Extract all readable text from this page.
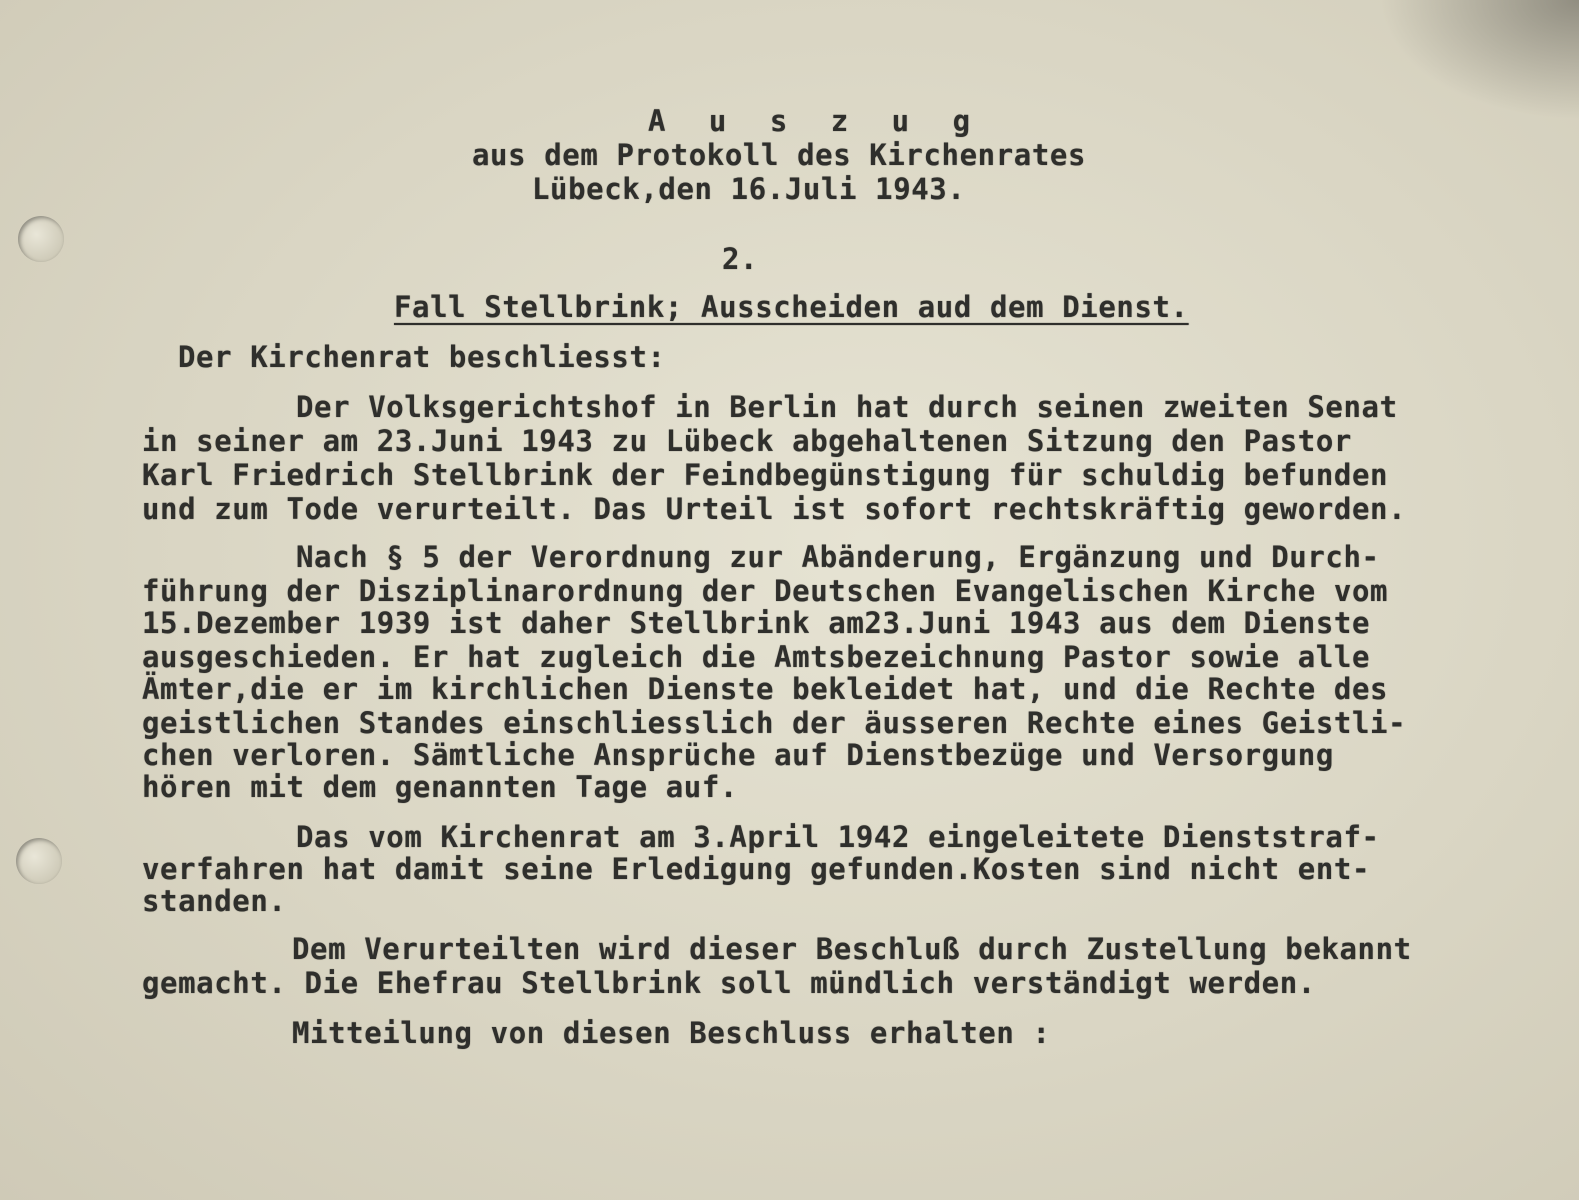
A u s z u g
aus dem Protokoll des Kirchenrates
Lübeck,den 16.Juli 1943.
2.
Fall Stellbrink; Ausscheiden aud dem Dienst.
Der Kirchenrat beschliesst:
Der Volksgerichtshof in Berlin hat durch seinen zweiten Senat
in seiner am 23.Juni 1943 zu Lübeck abgehaltenen Sitzung den Pastor
Karl Friedrich Stellbrink der Feindbegünstigung für schuldig befunden
und zum Tode verurteilt. Das Urteil ist sofort rechtskräftig geworden.
Nach § 5 der Verordnung zur Abänderung, Ergänzung und Durch-
führung der Disziplinarordnung der Deutschen Evangelischen Kirche vom
15.Dezember 1939 ist daher Stellbrink am23.Juni 1943 aus dem Dienste
ausgeschieden. Er hat zugleich die Amtsbezeichnung Pastor sowie alle
Ämter,die er im kirchlichen Dienste bekleidet hat, und die Rechte des
geistlichen Standes einschliesslich der äusseren Rechte eines Geistli-
chen verloren. Sämtliche Ansprüche auf Dienstbezüge und Versorgung
hören mit dem genannten Tage auf.
Das vom Kirchenrat am 3.April 1942 eingeleitete Dienststraf-
verfahren hat damit seine Erledigung gefunden.Kosten sind nicht ent-
standen.
Dem Verurteilten wird dieser Beschluß durch Zustellung bekannt
gemacht. Die Ehefrau Stellbrink soll mündlich verständigt werden.
Mitteilung von diesen Beschluss erhalten :
